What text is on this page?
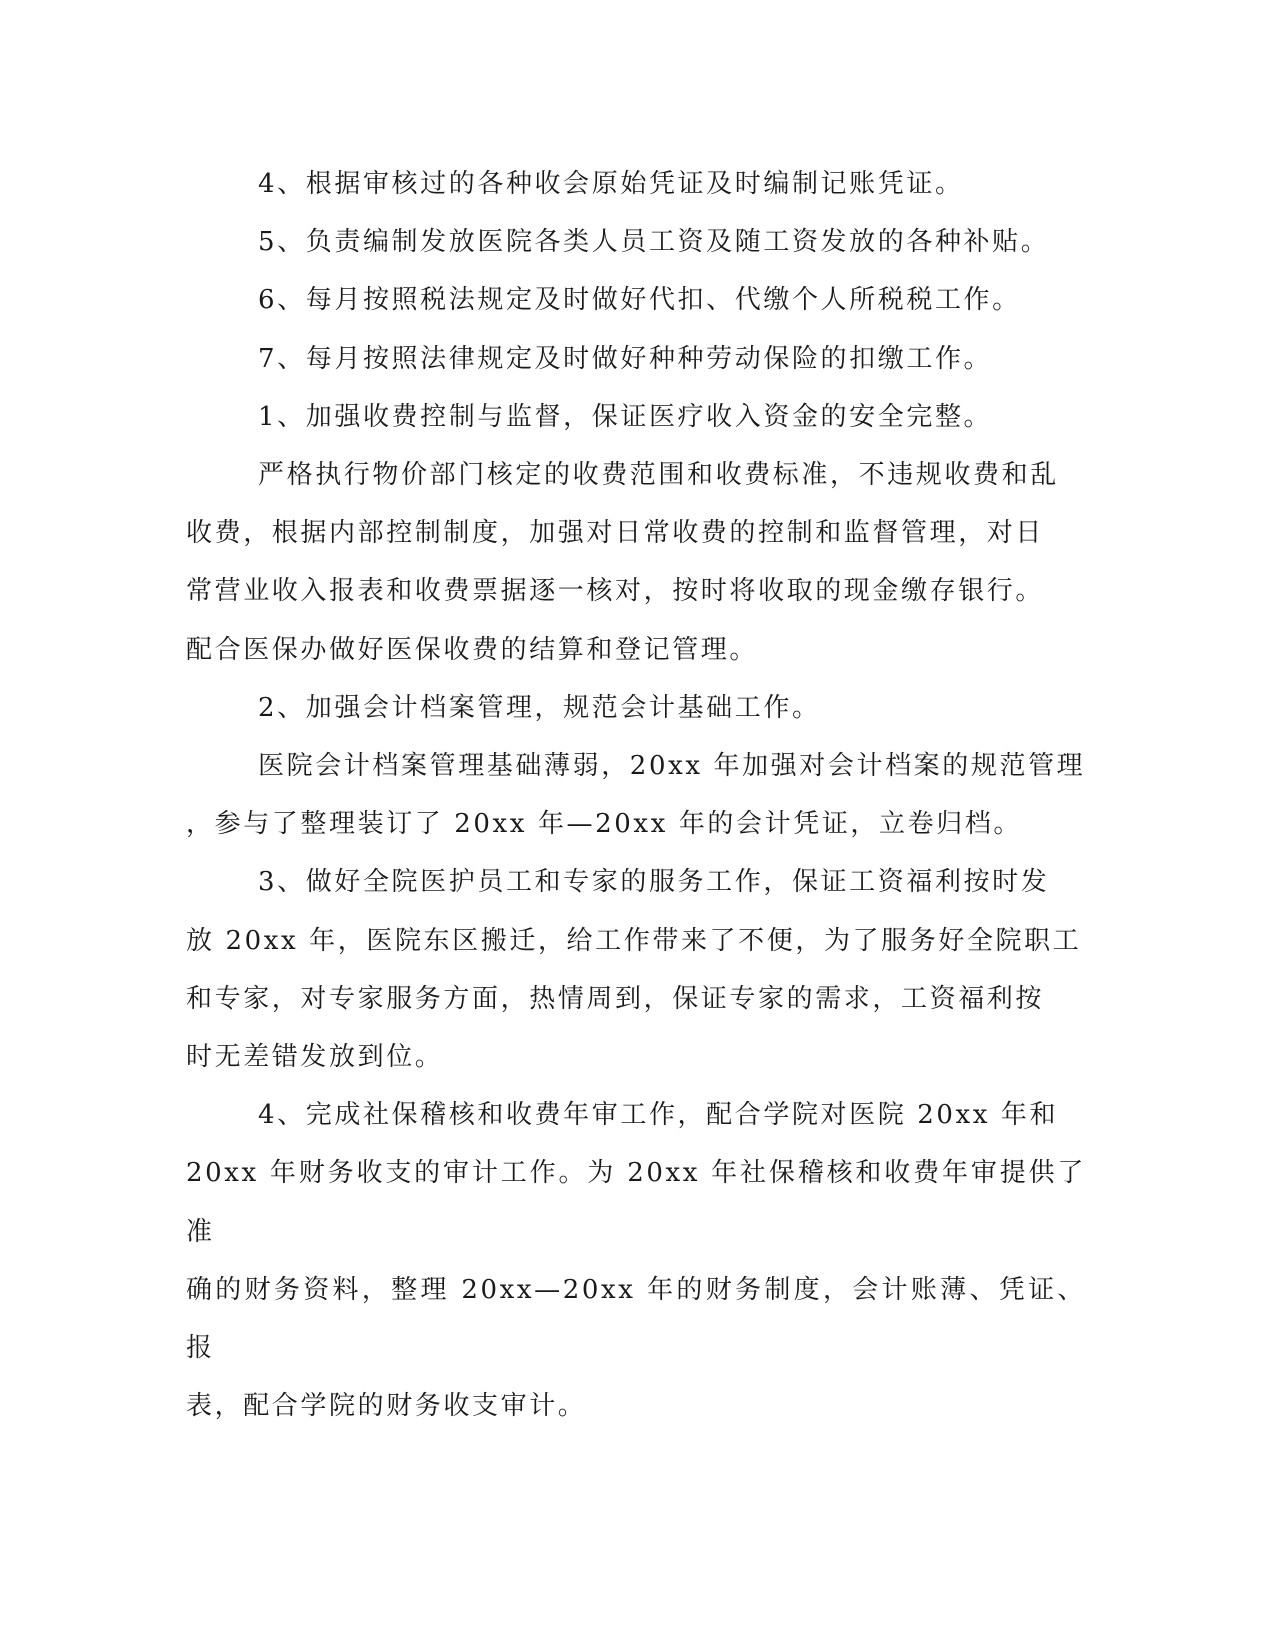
4、根据审核过的各种收会原始凭证及时编制记账凭证。

5、负责编制发放医院各类人员工资及随工资发放的各种补贴。

6、每月按照税法规定及时做好代扣、代缴个人所税税工作。

7、每月按照法律规定及时做好种种劳动保险的扣缴工作。

1、加强收费控制与监督，保证医疗收入资金的安全完整。

严格执行物价部门核定的收费范围和收费标准，不违规收费和乱
收费，根据内部控制制度，加强对日常收费的控制和监督管理，对日
常营业收入报表和收费票据逐一核对，按时将收取的现金缴存银行。
配合医保办做好医保收费的结算和登记管理。

2、加强会计档案管理，规范会计基础工作。

医院会计档案管理基础薄弱，20xx 年加强对会计档案的规范管理
，参与了整理装订了 20xx 年—20xx 年的会计凭证，立卷归档。

3、做好全院医护员工和专家的服务工作，保证工资福利按时发
放 20xx 年，医院东区搬迁，给工作带来了不便，为了服务好全院职工
和专家，对专家服务方面，热情周到，保证专家的需求，工资福利按
时无差错发放到位。

4、完成社保稽核和收费年审工作，配合学院对医院 20xx 年和
20xx 年财务收支的审计工作。为 20xx 年社保稽核和收费年审提供了准
确的财务资料，整理 20xx—20xx 年的财务制度，会计账薄、凭证、报
表，配合学院的财务收支审计。
